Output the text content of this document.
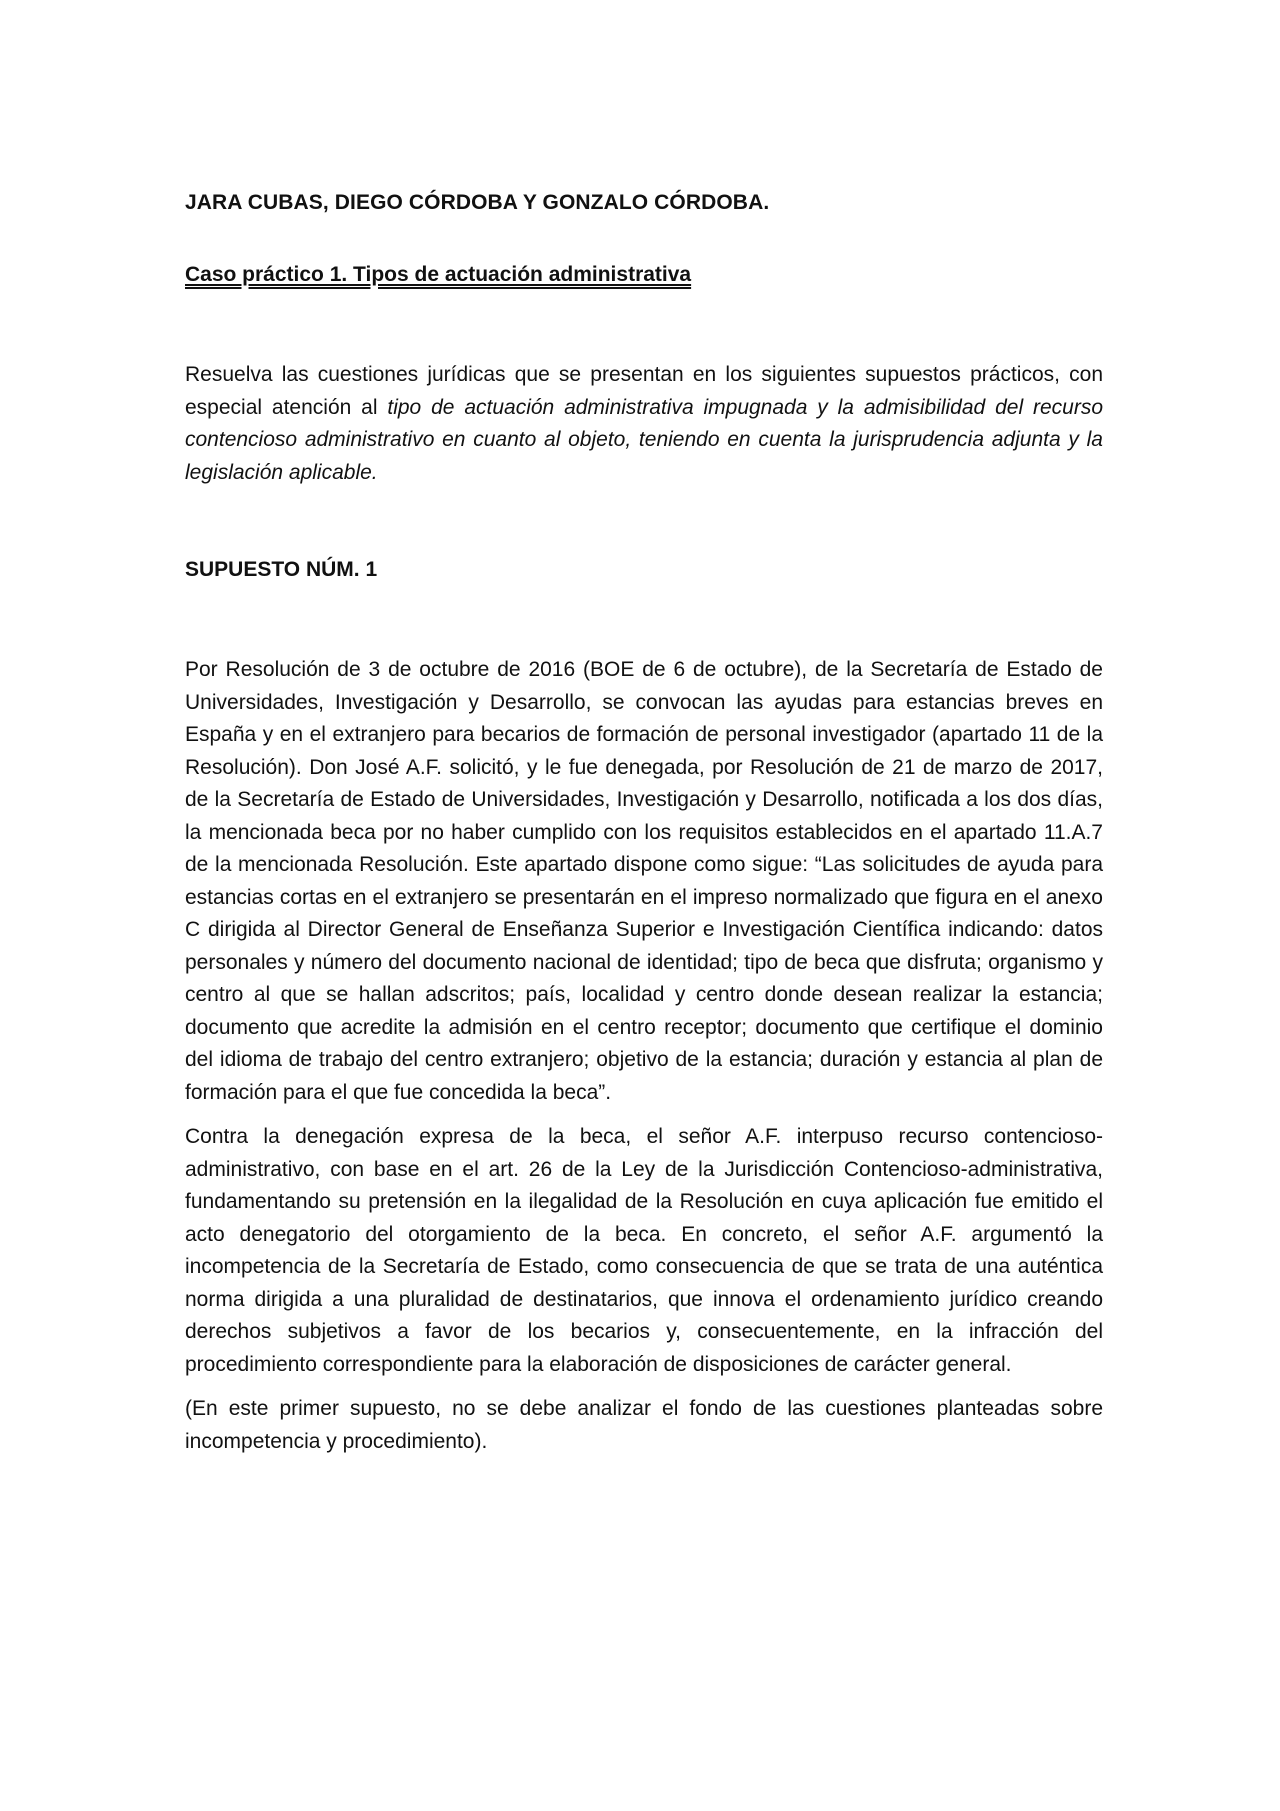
JARA CUBAS, DIEGO CÓRDOBA Y GONZALO CÓRDOBA.

Caso práctico 1. Tipos de actuación administrativa

Resuelva las cuestiones jurídicas que se presentan en los siguientes supuestos prácticos, con especial atención al tipo de actuación administrativa impugnada y la admisibilidad del recurso contencioso administrativo en cuanto al objeto, teniendo en cuenta la jurisprudencia adjunta y la legislación aplicable.

SUPUESTO NÚM. 1

Por Resolución de 3 de octubre de 2016 (BOE de 6 de octubre), de la Secretaría de Estado de Universidades, Investigación y Desarrollo, se convocan las ayudas para estancias breves en España y en el extranjero para becarios de formación de personal investigador (apartado 11 de la Resolución). Don José A.F. solicitó, y le fue denegada, por Resolución de 21 de marzo de 2017, de la Secretaría de Estado de Universidades, Investigación y Desarrollo, notificada a los dos días, la mencionada beca por no haber cumplido con los requisitos establecidos en el apartado 11.A.7 de la mencionada Resolución. Este apartado dispone como sigue: “Las solicitudes de ayuda para estancias cortas en el extranjero se presentarán en el impreso normalizado que figura en el anexo C dirigida al Director General de Enseñanza Superior e Investigación Científica indicando: datos personales y número del documento nacional de identidad; tipo de beca que disfruta; organismo y centro al que se hallan adscritos; país, localidad y centro donde desean realizar la estancia; documento que acredite la admisión en el centro receptor; documento que certifique el dominio del idioma de trabajo del centro extranjero; objetivo de la estancia; duración y estancia al plan de formación para el que fue concedida la beca”.

Contra la denegación expresa de la beca, el señor A.F. interpuso recurso contencioso-administrativo, con base en el art. 26 de la Ley de la Jurisdicción Contencioso-administrativa, fundamentando su pretensión en la ilegalidad de la Resolución en cuya aplicación fue emitido el acto denegatorio del otorgamiento de la beca. En concreto, el señor A.F. argumentó la incompetencia de la Secretaría de Estado, como consecuencia de que se trata de una auténtica norma dirigida a una pluralidad de destinatarios, que innova el ordenamiento jurídico creando derechos subjetivos a favor de los becarios y, consecuentemente, en la infracción del procedimiento correspondiente para la elaboración de disposiciones de carácter general.

(En este primer supuesto, no se debe analizar el fondo de las cuestiones planteadas sobre incompetencia y procedimiento).
